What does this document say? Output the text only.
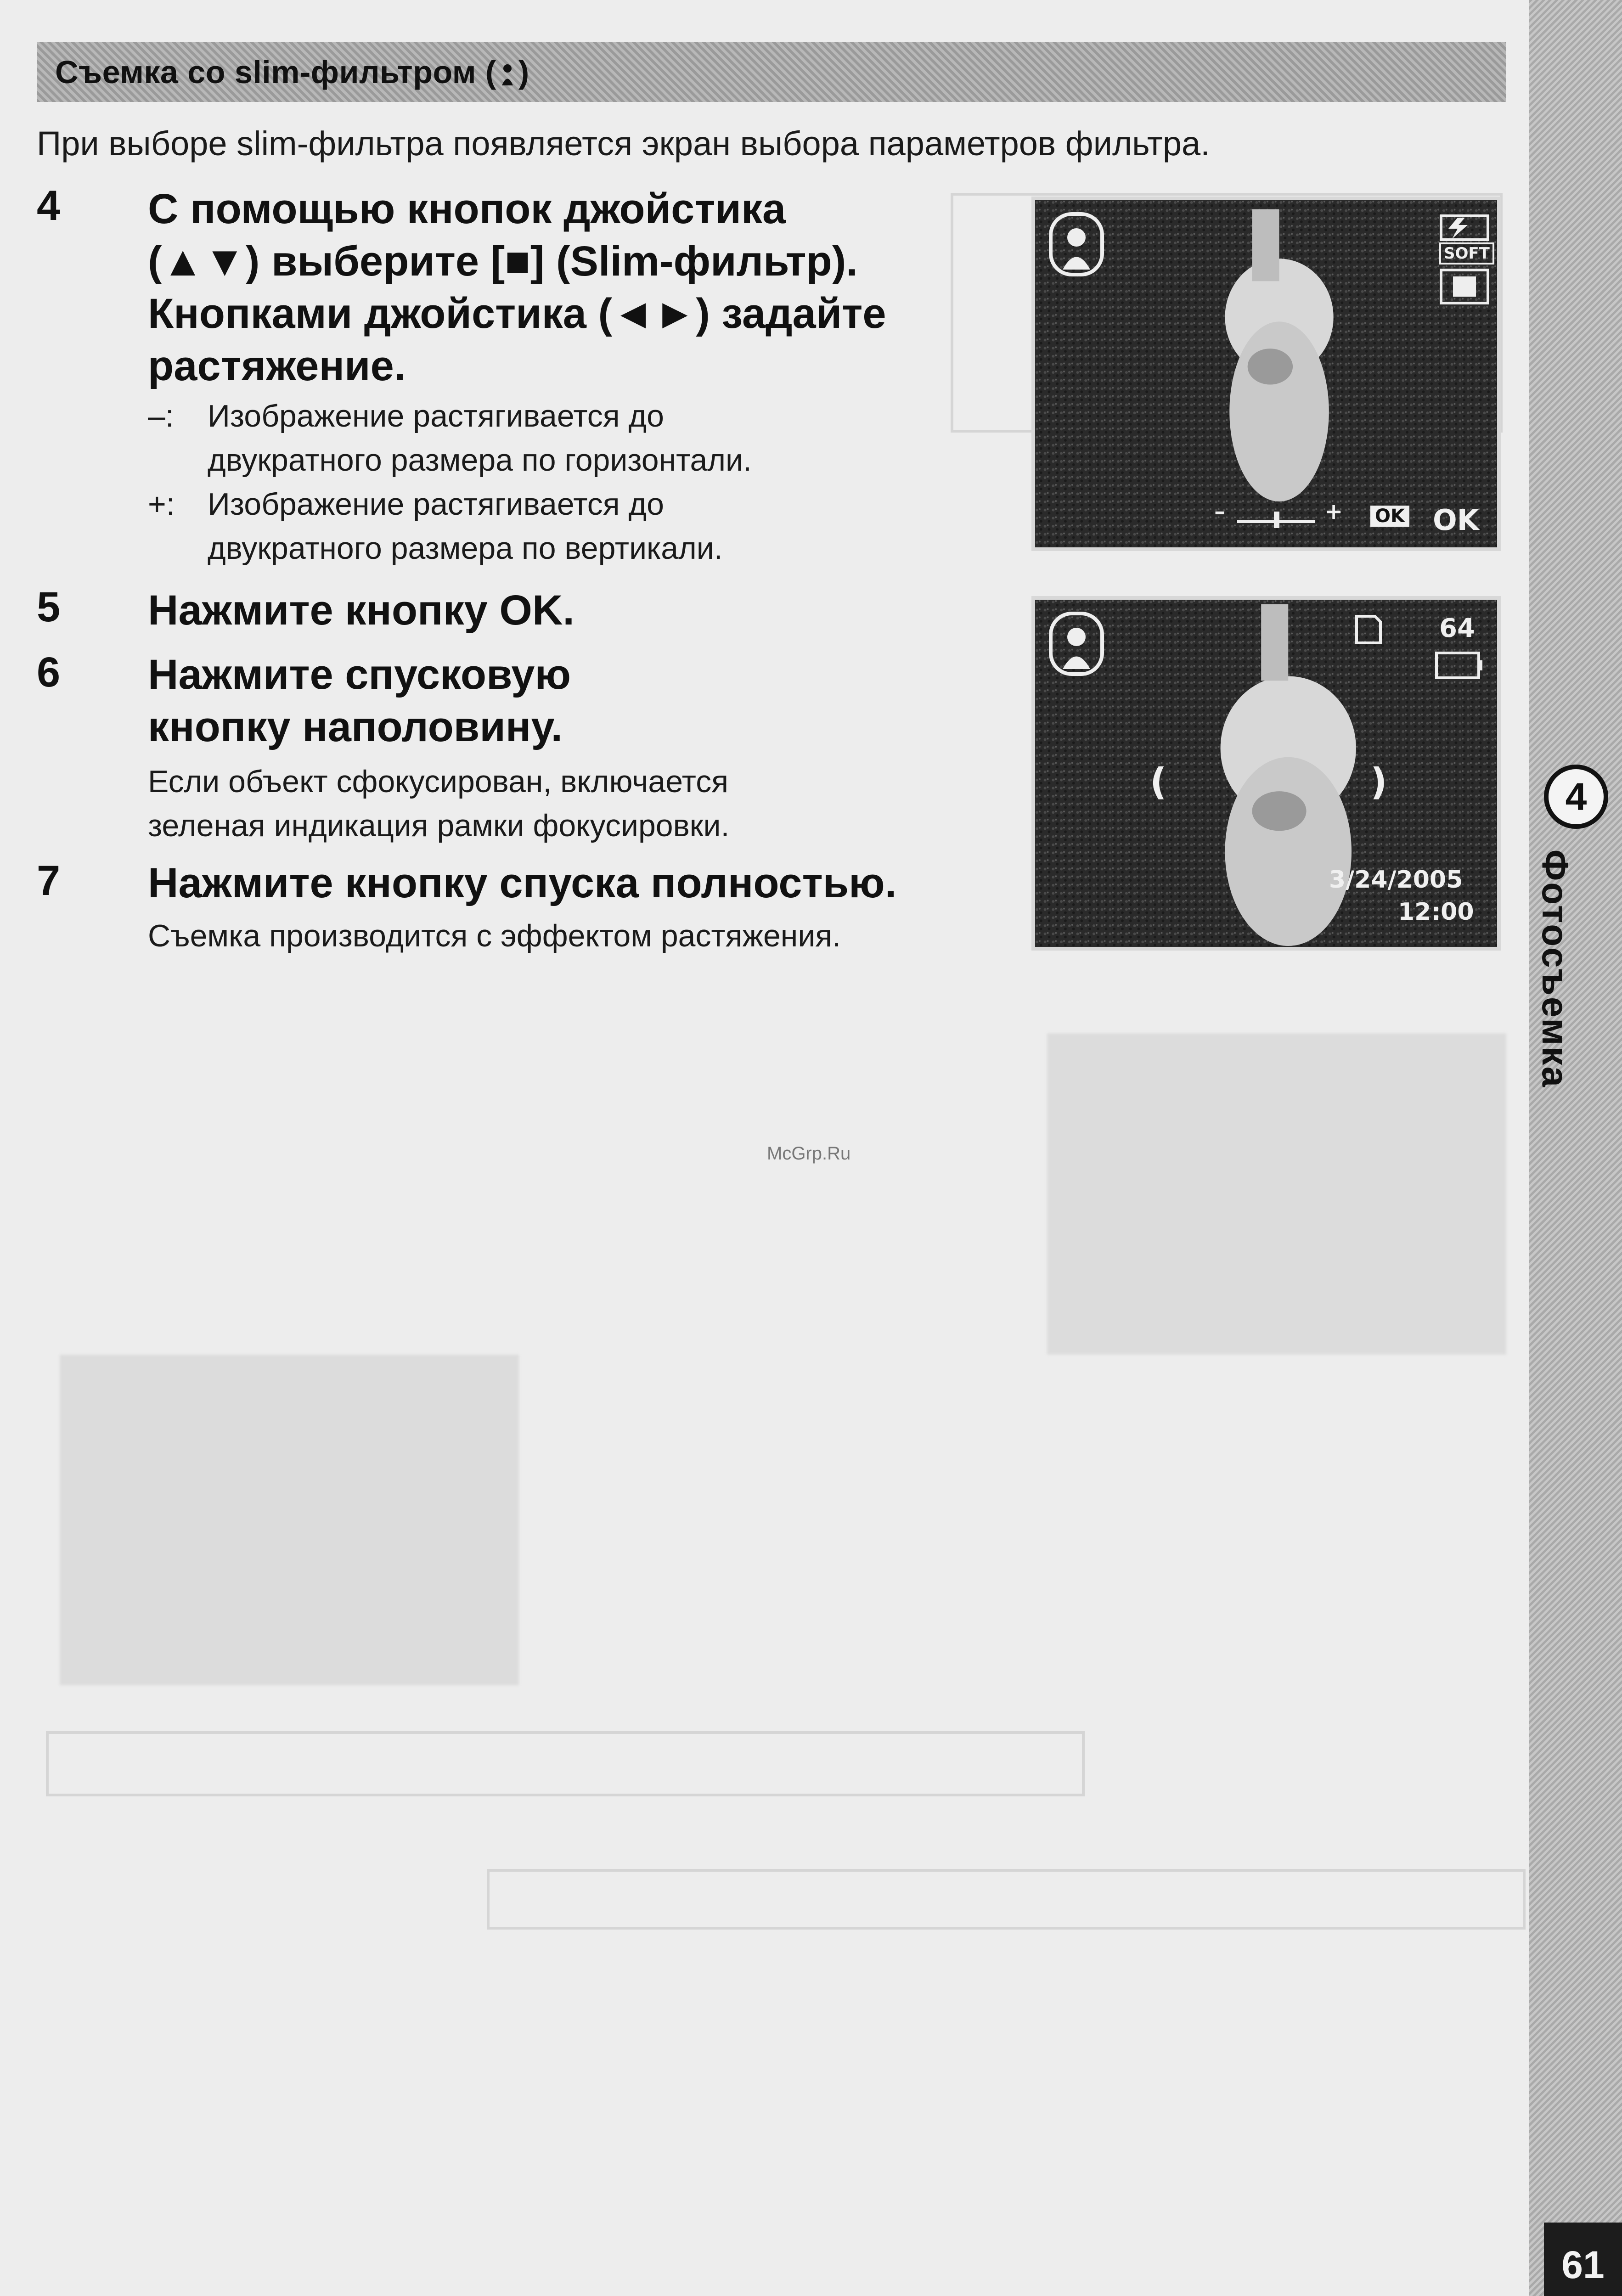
Съемка со slim-фильтром ( )
При выборе slim-фильтра появляется экран выбора параметров фильтра.
4 С помощью кнопок джойстика
(▲▼) выберите [■] (Slim-фильтр).
Кнопками джойстика (◄►) задайте
растяжение.
–:	Изображение растягивается до
двукратного размера по горизонтали.
+:	Изображение растягивается до
двукратного размера по вертикали.
5 Нажмите кнопку OK.
6 Нажмите спусковую
кнопку наполовину.
Если объект сфокусирован, включается
зеленая индикация рамки фокусировки.
7 Нажмите кнопку спуска полностью.
Съемка производится с эффектом растяжения.
SOFT
–	+ OK OK
64
(	)
3/24/2005
12:00
McGrp.Ru
4
Фотосъемка
61
